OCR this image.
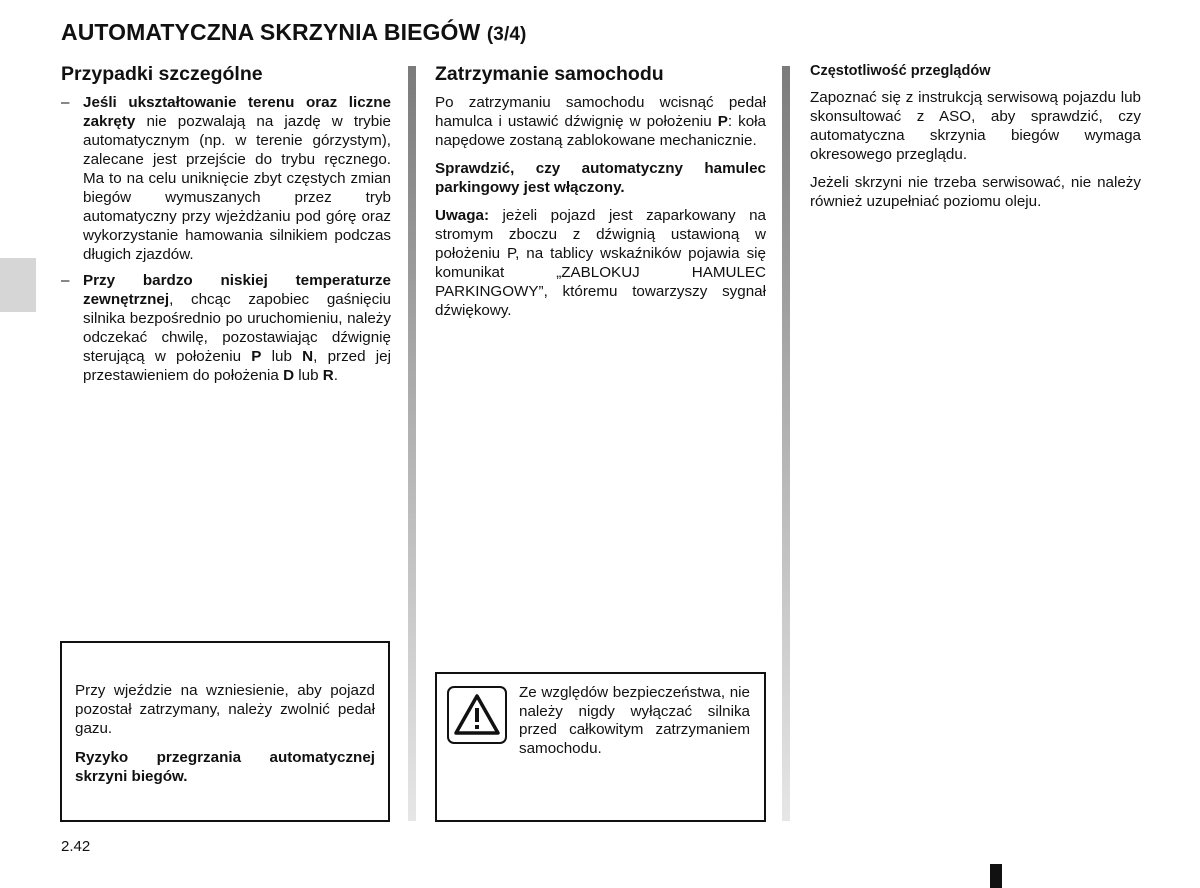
AUTOMATYCZNA SKRZYNIA BIEGÓW (3/4)
Przypadki szczególne
– Jeśli ukształtowanie terenu oraz liczne zakręty nie pozwalają na jazdę w trybie automatycznym (np. w terenie górzystym), zalecane jest przejście do trybu ręcznego. Ma to na celu uniknięcie zbyt częstych zmian biegów wymuszanych przez tryb automatyczny przy wjeżdżaniu pod górę oraz wykorzystanie hamowania silnikiem podczas długich zjazdów.
– Przy bardzo niskiej temperaturze zewnętrznej, chcąc zapobiec gaśnięciu silnika bezpośrednio po uruchomieniu, należy odczekać chwilę, pozostawiając dźwignię sterującą w położeniu P lub N, przed jej przestawieniem do położenia D lub R.

Przy wjeździe na wzniesienie, aby pojazd pozostał zatrzymany, należy zwolnić pedał gazu.

Ryzyko przegrzania automatycznej skrzyni biegów.

Zatrzymanie samochodu

Po zatrzymaniu samochodu wcisnąć pedał hamulca i ustawić dźwignię w położeniu P: koła napędowe zostaną zablokowane mechanicznie.

Sprawdzić, czy automatyczny hamulec parkingowy jest włączony.

Uwaga: jeżeli pojazd jest zaparkowany na stromym zboczu z dźwignią ustawioną w położeniu P, na tablicy wskaźników pojawia się komunikat „ZABLOKUJ HAMULEC PARKINGOWY”, któremu towarzyszy sygnał dźwiękowy.

Ze względów bezpieczeństwa, nie należy nigdy wyłączać silnika przed całkowitym zatrzymaniem samochodu.

Częstotliwość przeglądów

Zapoznać się z instrukcją serwisową pojazdu lub skonsultować z ASO, aby sprawdzić, czy automatyczna skrzynia biegów wymaga okresowego przeglądu.

Jeżeli skrzyni nie trzeba serwisować, nie należy również uzupełniać poziomu oleju.

2.42
